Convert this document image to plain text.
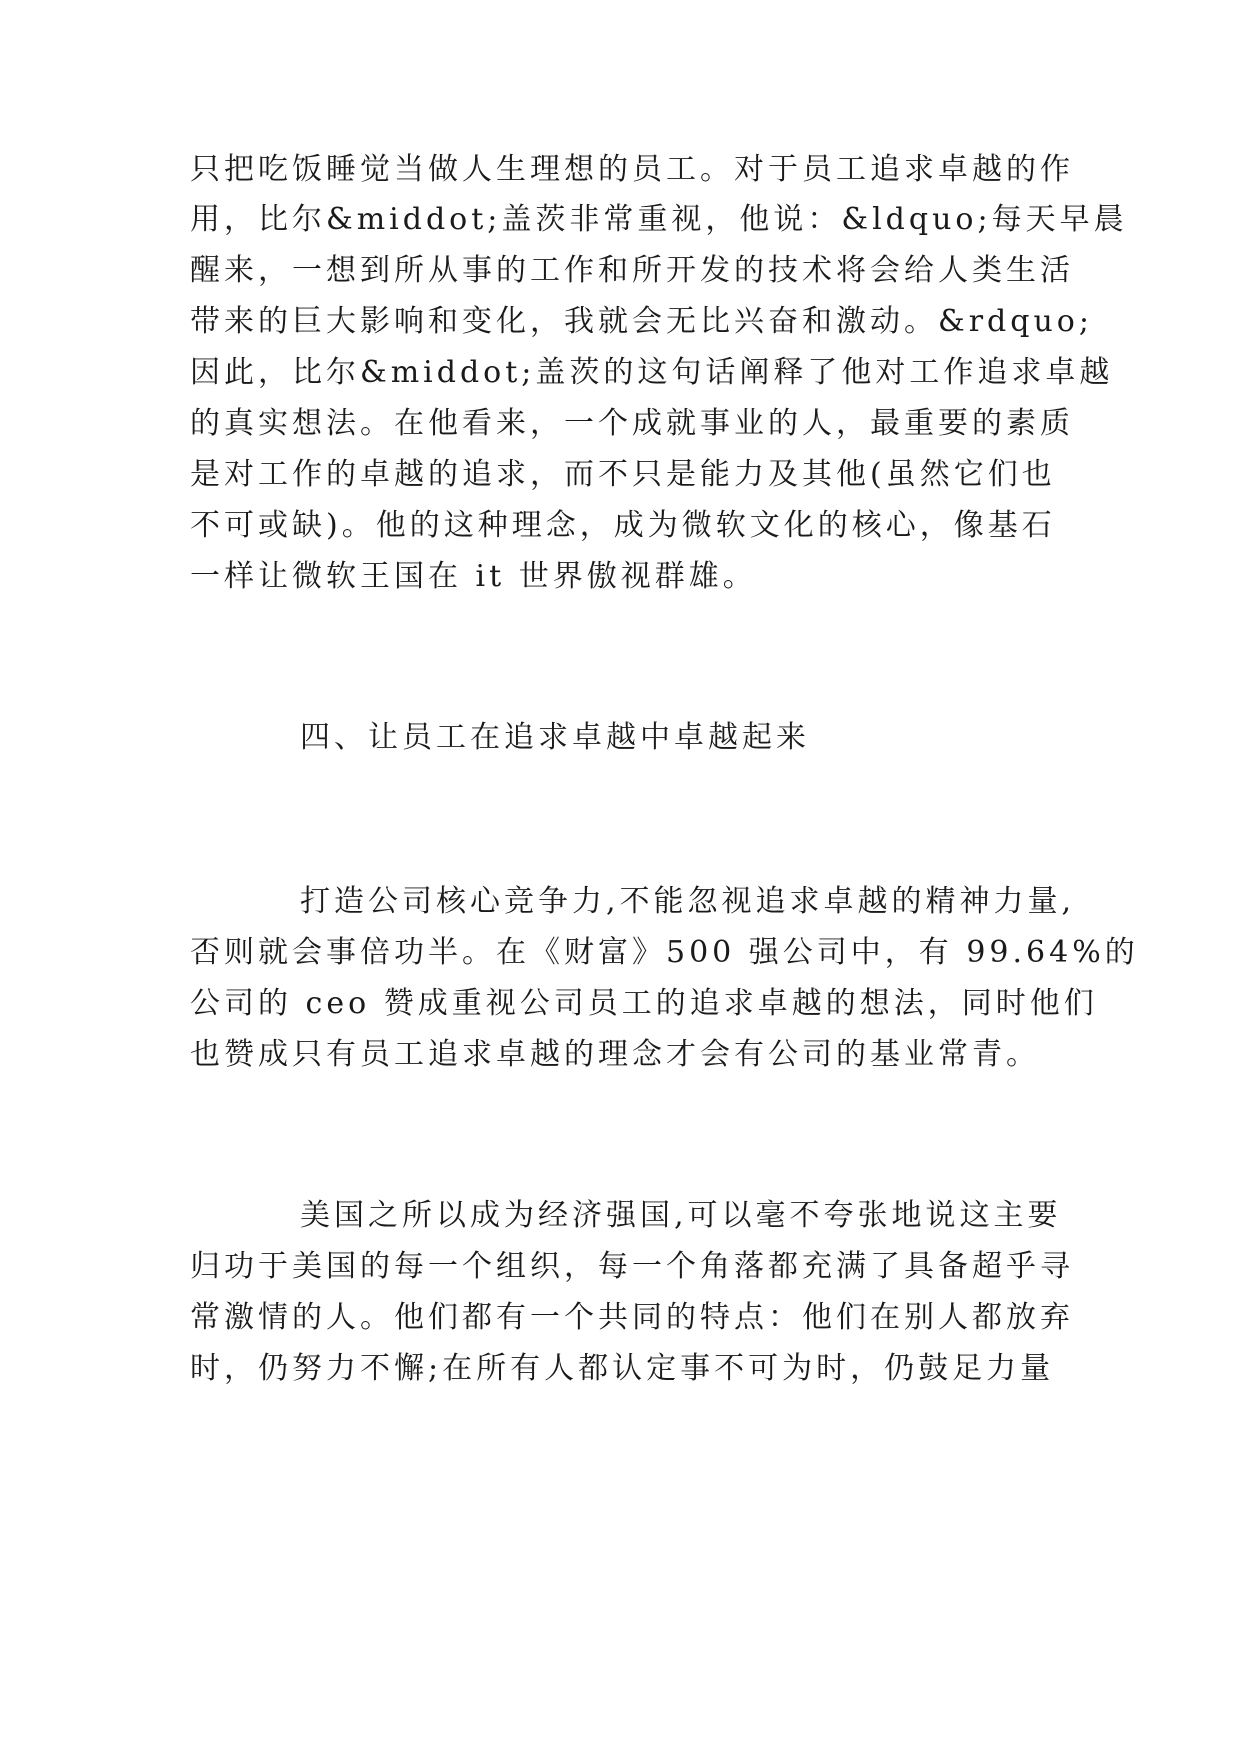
只把吃饭睡觉当做人生理想的员工。对于员工追求卓越的作
用，比尔&middot;盖茨非常重视，他说：&ldquo;每天早晨
醒来，一想到所从事的工作和所开发的技术将会给人类生活
带来的巨大影响和变化，我就会无比兴奋和激动。&rdquo;
因此，比尔&middot;盖茨的这句话阐释了他对工作追求卓越
的真实想法。在他看来，一个成就事业的人，最重要的素质
是对工作的卓越的追求，而不只是能力及其他(虽然它们也
不可或缺)。他的这种理念，成为微软文化的核心，像基石
一样让微软王国在 it 世界傲视群雄。
四、让员工在追求卓越中卓越起来
打造公司核心竞争力,不能忽视追求卓越的精神力量,
否则就会事倍功半。在《财富》500 强公司中，有 99.64%的
公司的 ceo 赞成重视公司员工的追求卓越的想法，同时他们
也赞成只有员工追求卓越的理念才会有公司的基业常青。
美国之所以成为经济强国,可以毫不夸张地说这主要
归功于美国的每一个组织，每一个角落都充满了具备超乎寻
常激情的人。他们都有一个共同的特点：他们在别人都放弃
时，仍努力不懈;在所有人都认定事不可为时，仍鼓足力量
